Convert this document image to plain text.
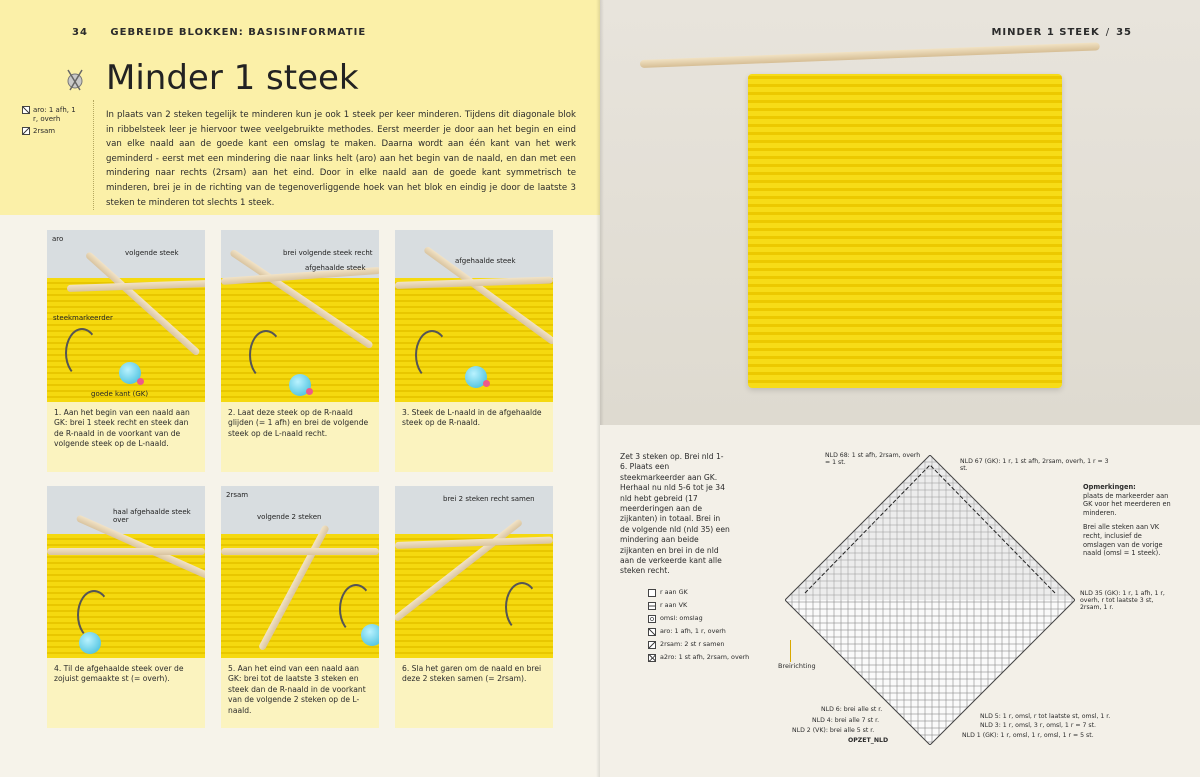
34 GEBREIDE BLOKKEN: BASISINFORMATIE
Minder 1 steek
aro: 1 afh, 1 r, overh
2rsam
In plaats van 2 steken tegelijk te minderen kun je ook 1 steek per keer minderen. Tijdens dit diagonale blok in ribbelsteek leer je hiervoor twee veelgebruikte methodes. Eerst meerder je door aan het begin en eind van elke naald aan de goede kant een omslag te maken. Daarna wordt aan één kant van het werk geminderd - eerst met een mindering die naar links helt (aro) aan het begin van de naald, en dan met een mindering naar rechts (2rsam) aan het eind. Door in elke naald aan de goede kant symmetrisch te minderen, brei je in de richting van de tegenoverliggende hoek van het blok en eindig je door de laatste 3 steken te minderen tot slechts 1 steek.
aro
volgende steek
steekmarkeerder
goede kant (GK)
1. Aan het begin van een naald aan GK: brei 1 steek recht en steek dan de R-naald in de voorkant van de volgende steek op de L-naald.
brei volgende steek recht
afgehaalde steek
2. Laat deze steek op de R-naald glijden (= 1 afh) en brei de volgende steek op de L-naald recht.
afgehaalde steek
3. Steek de L-naald in de afgehaalde steek op de R-naald.
haal afgehaalde steek over
4. Til de afgehaalde steek over de zojuist gemaakte st (= overh).
2rsam
volgende 2 steken
5. Aan het eind van een naald aan GK: brei tot de laatste 3 steken en steek dan de R-naald in de voorkant van de volgende 2 steken op de L-naald.
brei 2 steken recht samen
6. Sla het garen om de naald en brei deze 2 steken samen (= 2rsam).
MINDER 1 STEEK / 35
Zet 3 steken op. Brei nld 1-6. Plaats een steekmarkeerder aan GK. Herhaal nu nld 5-6 tot je 34 nld hebt gebreid (17 meerderingen aan de zijkanten) in totaal. Brei in de volgende nld (nld 35) een mindering aan beide zijkanten en brei in de nld aan de verkeerde kant alle steken recht.
r aan GK
r aan VK
omsl: omslag
aro: 1 afh, 1 r, overh
2rsam: 2 st r samen
a2ro: 1 st afh, 2rsam, overh
Breirichting
Opmerkingen:
plaats de markeerder aan GK voor het meerderen en minderen.
Brei alle steken aan VK recht, inclusief de omslagen van de vorige naald (omsl = 1 steek).
NLD 68: 1 st afh, 2rsam, overh = 1 st.	NLD 67 (GK): 1 r, 1 st afh, 2rsam, overh, 1 r = 3 st.
NLD 35 (GK): 1 r, 1 afh, 1 r, overh, r tot laatste 3 st, 2rsam, 1 r.
NLD 6: brei alle st r.
NLD 5: 1 r, omsl, r tot laatste st, omsl, 1 r.
NLD 4: brei alle 7 st r.
NLD 3: 1 r, omsl, 3 r, omsl, 1 r = 7 st.
NLD 2 (VK): brei alle 5 st r.
NLD 1 (GK): 1 r, omsl, 1 r, omsl, 1 r = 5 st.
OPZET_NLD
